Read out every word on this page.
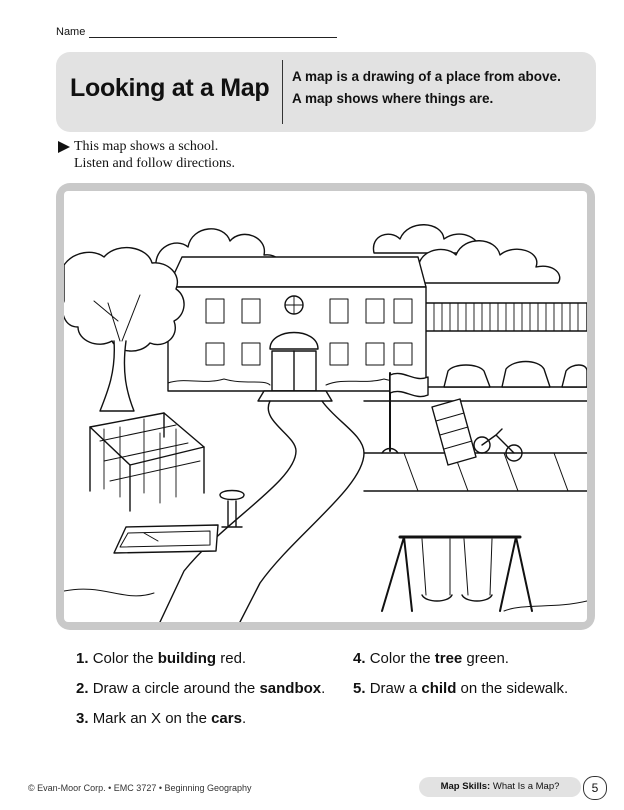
Name
Looking at a Map A map is a drawing of a place from above.
A map shows where things are.
This map shows a school.
Listen and follow directions.
1. Color the building red.
2. Draw a circle around the sandbox.
3. Mark an X on the cars.
4. Color the tree green.
5. Draw a child on the sidewalk.
© Evan-Moor Corp. • EMC 3727 • Beginning Geography	Map Skills: What Is a Map?	5
